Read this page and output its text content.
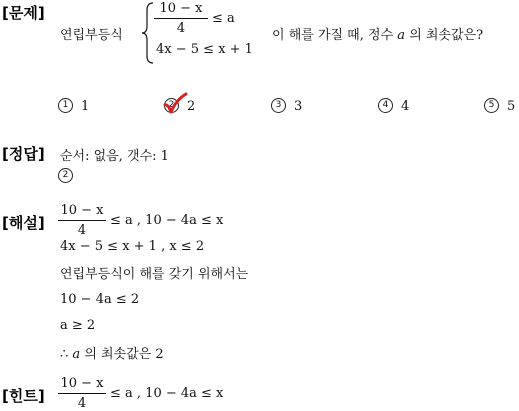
[문제]
연립부등식
10 − x
4
≤ a
4x − 5 ≤ x + 1
이 해를 가질 때, 정수 a 의 최솟값은?
1 1	2 2	3 3	4 4	5 5
[정답] 순서: 없음, 갯수: 1
2
[해설]
10 − x
4
≤ a , 10 − 4a ≤ x
4x − 5 ≤ x + 1 , x ≤ 2
연립부등식이 해를 갖기 위해서는
10 − 4a ≤ 2
a ≥ 2
∴ a 의 최솟값은 2
[힌트]
10 − x
4
≤ a , 10 − 4a ≤ x
